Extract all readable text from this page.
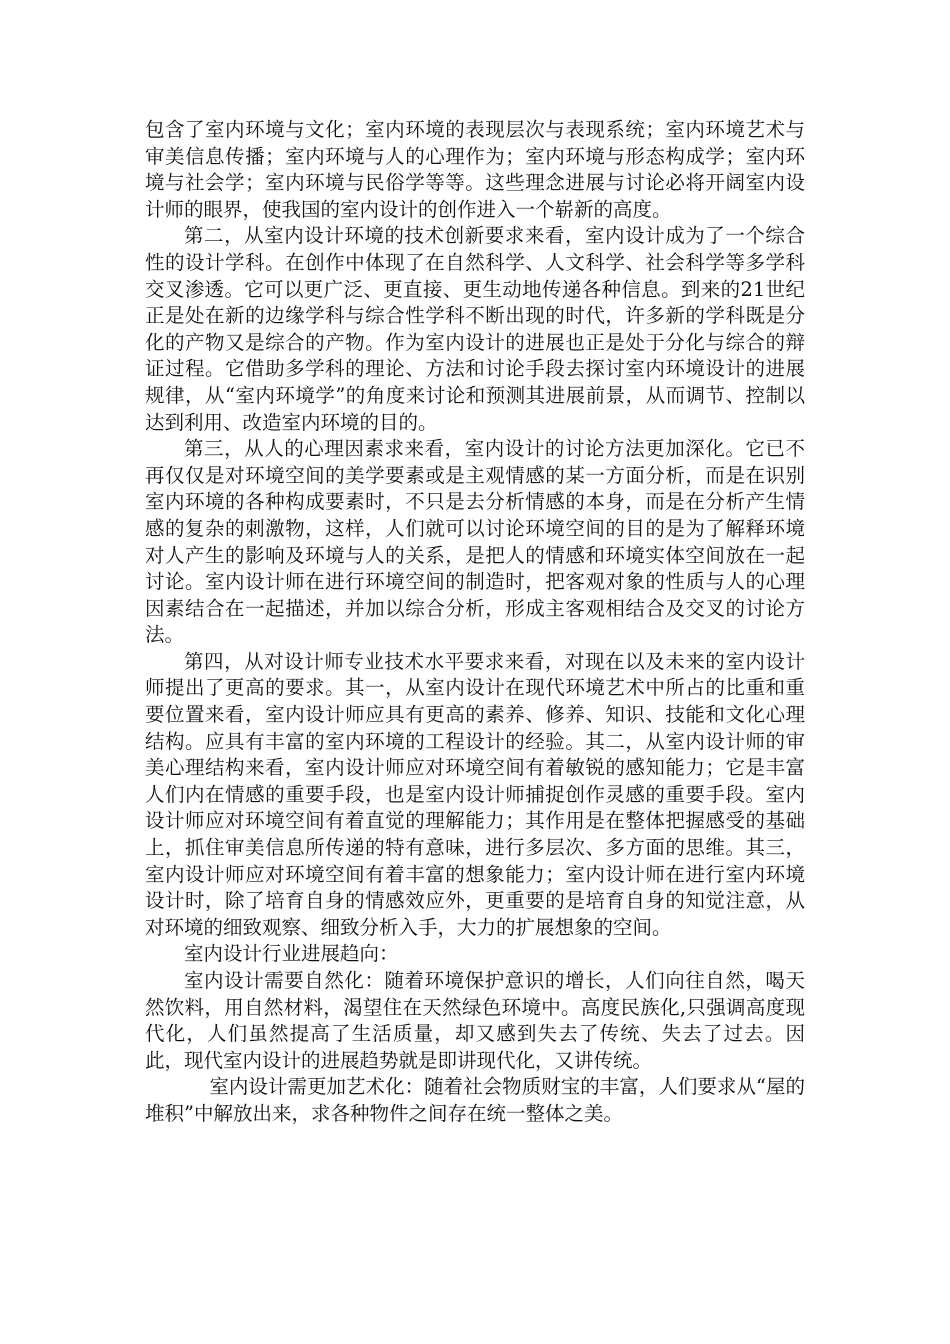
包含了室内环境与文化；室内环境的表现层次与表现系统；室内环境艺术与审美信息传播；室内环境与人的心理作为；室内环境与形态构成学；室内环境与社会学；室内环境与民俗学等等。这些理念进展与讨论必将开阔室内设计师的眼界，使我国的室内设计的创作进入一个崭新的高度。

第二，从室内设计环境的技术创新要求来看，室内设计成为了一个综合性的设计学科。在创作中体现了在自然科学、人文科学、社会科学等多学科交叉渗透。它可以更广泛、更直接、更生动地传递各种信息。到来的21世纪正是处在新的边缘学科与综合性学科不断出现的时代，许多新的学科既是分化的产物又是综合的产物。作为室内设计的进展也正是处于分化与综合的辩证过程。它借助多学科的理论、方法和讨论手段去探讨室内环境设计的进展规律，从“室内环境学”的角度来讨论和预测其进展前景，从而调节、控制以达到利用、改造室内环境的目的。

第三，从人的心理因素求来看，室内设计的讨论方法更加深化。它已不再仅仅是对环境空间的美学要素或是主观情感的某一方面分析，而是在识别室内环境的各种构成要素时，不只是去分析情感的本身，而是在分析产生情感的复杂的刺激物，这样，人们就可以讨论环境空间的目的是为了解释环境对人产生的影响及环境与人的关系，是把人的情感和环境实体空间放在一起讨论。室内设计师在进行环境空间的制造时，把客观对象的性质与人的心理因素结合在一起描述，并加以综合分析，形成主客观相结合及交叉的讨论方法。

第四，从对设计师专业技术水平要求来看，对现在以及未来的室内设计师提出了更高的要求。其一，从室内设计在现代环境艺术中所占的比重和重要位置来看，室内设计师应具有更高的素养、修养、知识、技能和文化心理结构。应具有丰富的室内环境的工程设计的经验。其二，从室内设计师的审美心理结构来看，室内设计师应对环境空间有着敏锐的感知能力；它是丰富人们内在情感的重要手段，也是室内设计师捕捉创作灵感的重要手段。室内设计师应对环境空间有着直觉的理解能力；其作用是在整体把握感受的基础上，抓住审美信息所传递的特有意味，进行多层次、多方面的思维。其三，室内设计师应对环境空间有着丰富的想象能力；室内设计师在进行室内环境设计时，除了培育自身的情感效应外，更重要的是培育自身的知觉注意，从对环境的细致观察、细致分析入手，大力的扩展想象的空间。

室内设计行业进展趋向：

室内设计需要自然化：随着环境保护意识的增长，人们向往自然，喝天然饮料，用自然材料，渴望住在天然绿色环境中。高度民族化,只强调高度现代化，人们虽然提高了生活质量，却又感到失去了传统、失去了过去。因此，现代室内设计的进展趋势就是即讲现代化，又讲传统。

室内设计需更加艺术化：随着社会物质财宝的丰富，人们要求从“屋的堆积”中解放出来，求各种物件之间存在统一整体之美。
